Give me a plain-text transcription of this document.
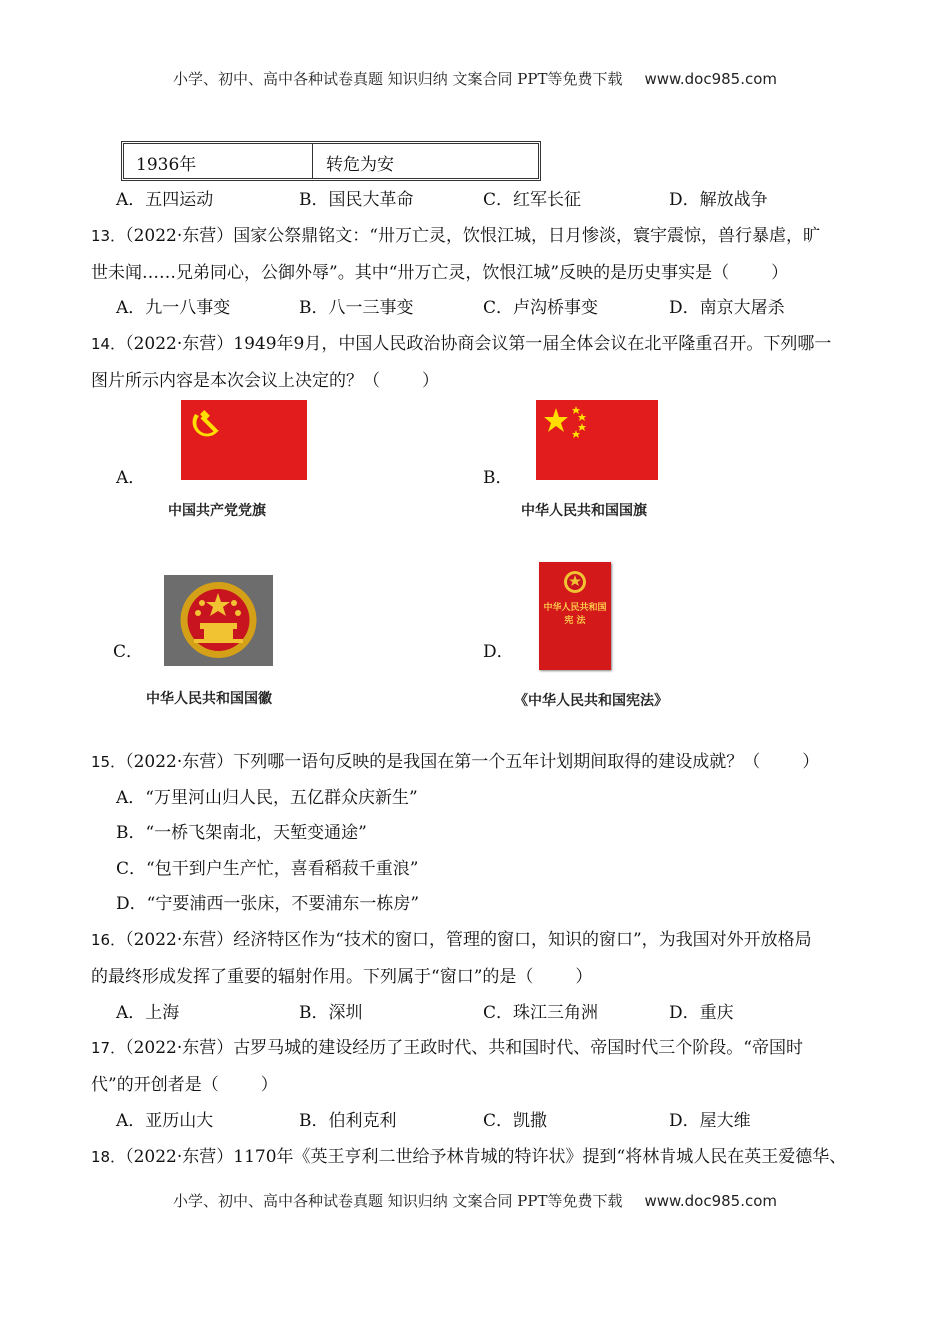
小学、初中、高中各种试卷真题 知识归纳 文案合同 PPT等免费下载 www.doc985.com
1936年	转危为安
A．五四运动	B．国民大革命	C．红军长征	D．解放战争
13．（2022·东营）国家公祭鼎铭文：“卅万亡灵，饮恨江城，日月惨淡，寰宇震惊，兽行暴虐，旷
世未闻……兄弟同心，公御外辱”。其中“卅万亡灵，饮恨江城”反映的是历史事实是（ ）
A．九一八事变	B．八一三事变	C．卢沟桥事变	D．南京大屠杀
14．（2022·东营）1949年9月，中国人民政治协商会议第一届全体会议在北平隆重召开。下列哪一
图片所示内容是本次会议上决定的？（ ）
A．
中国共产党党旗
B．
中华人民共和国国旗
C．
中华人民共和国国徽
D．
中华人民共和国
宪 法
《中华人民共和国宪法》
15．（2022·东营）下列哪一语句反映的是我国在第一个五年计划期间取得的建设成就？（ ）
A．“万里河山归人民，五亿群众庆新生”
B．“一桥飞架南北，天堑变通途”
C．“包干到户生产忙，喜看稻菽千重浪”
D．“宁要浦西一张床，不要浦东一栋房”
16．（2022·东营）经济特区作为“技术的窗口，管理的窗口，知识的窗口”，为我国对外开放格局
的最终形成发挥了重要的辐射作用。下列属于“窗口”的是（ ）
A．上海	B．深圳	C．珠江三角洲	D．重庆
17．（2022·东营）古罗马城的建设经历了王政时代、共和国时代、帝国时代三个阶段。“帝国时
代”的开创者是（ ）
A．亚历山大	B．伯利克利	C．凯撒	D．屋大维
18．（2022·东营）1170年《英王亨利二世给予林肯城的特许状》提到“将林肯城人民在英王爱德华、
小学、初中、高中各种试卷真题 知识归纳 文案合同 PPT等免费下载 www.doc985.com
